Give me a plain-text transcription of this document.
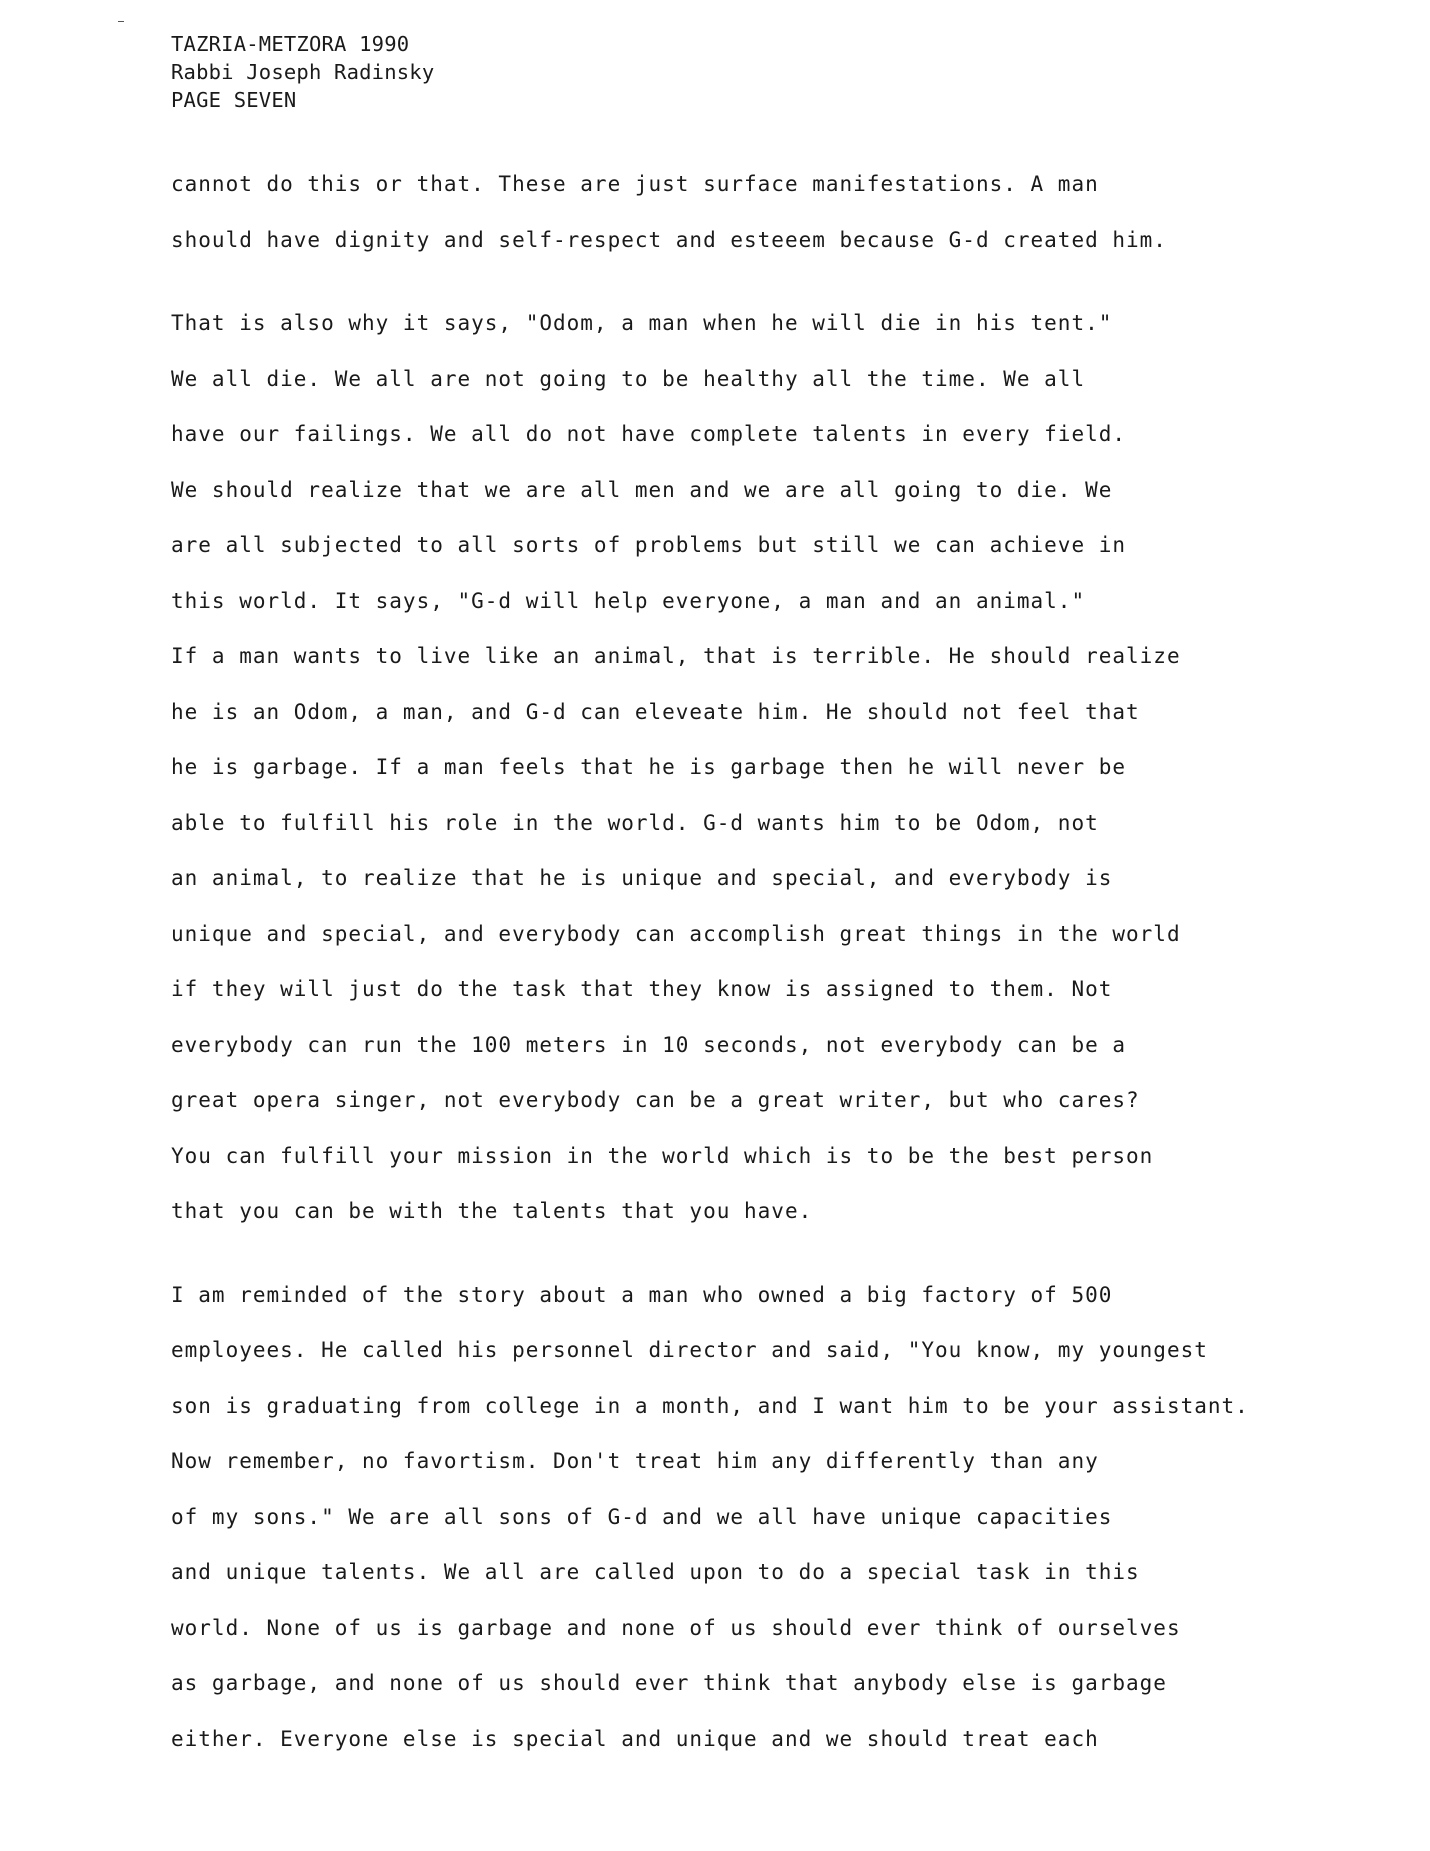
TAZRIA-METZORA 1990
Rabbi Joseph Radinsky
PAGE SEVEN
cannot do this or that. These are just surface manifestations. A man
should have dignity and self-respect and esteeem because G-d created him.
That is also why it says, "Odom, a man when he will die in his tent."
We all die. We all are not going to be healthy all the time. We all
have our failings. We all do not have complete talents in every field.
We should realize that we are all men and we are all going to die. We
are all subjected to all sorts of problems but still we can achieve in
this world. It says, "G-d will help everyone, a man and an animal."
If a man wants to live like an animal, that is terrible. He should realize
he is an Odom, a man, and G-d can eleveate him. He should not feel that
he is garbage. If a man feels that he is garbage then he will never be
able to fulfill his role in the world. G-d wants him to be Odom, not
an animal, to realize that he is unique and special, and everybody is
unique and special, and everybody can accomplish great things in the world
if they will just do the task that they know is assigned to them. Not
everybody can run the 100 meters in 10 seconds, not everybody can be a
great opera singer, not everybody can be a great writer, but who cares?
You can fulfill your mission in the world which is to be the best person
that you can be with the talents that you have.
I am reminded of the story about a man who owned a big factory of 500
employees. He called his personnel director and said, "You know, my youngest
son is graduating from college in a month, and I want him to be your assistant.
Now remember, no favortism. Don't treat him any differently than any
of my sons." We are all sons of G-d and we all have unique capacities
and unique talents. We all are called upon to do a special task in this
world. None of us is garbage and none of us should ever think of ourselves
as garbage, and none of us should ever think that anybody else is garbage
either. Everyone else is special and unique and we should treat each
